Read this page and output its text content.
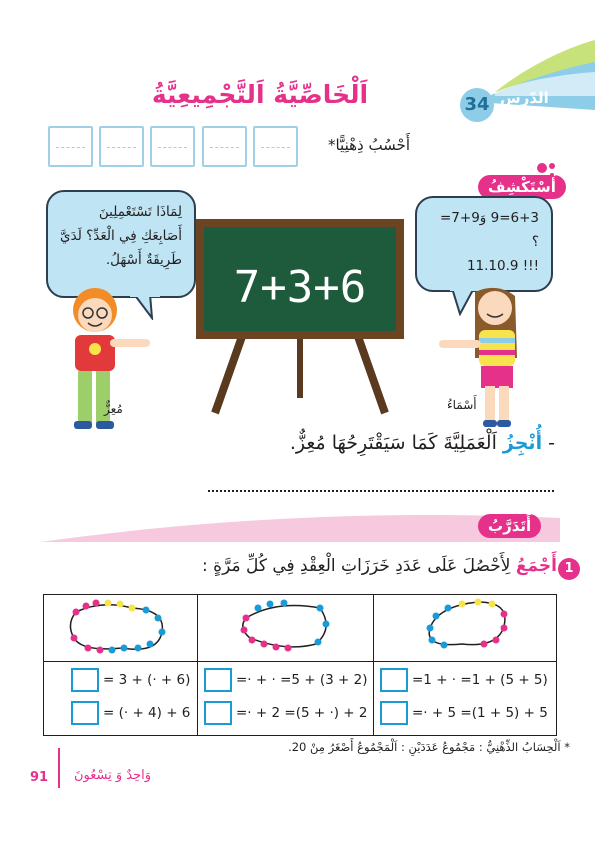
34 الدّرس
اَلْخَاصِّيَّةُ اَلتَّجْمِيعِيَّةُ
أَحْسُبُ ذِهْنِيًّا*
أَسْتَكْشِفُ
6+3=9 وَ9+7= ؟
!!! 11.10.9
لِمَاذَا تَسْتَعْمِلِينَ
أَصَابِعَكِ فِي الْعَدِّ؟ لَدَيَّ
طَرِيقَةٌ أَسْهَلُ.
7+3+6
مُعِزٌّ	أَسْمَاءُ
- أُنْجِزُ اَلْعَمَلِيَّةَ كَمَا سَيَقْتَرِحُهَا مُعِزٌّ.
أَتَدَرَّبُ
1
أَجْمَعُ لِأَحْصُلَ عَلَى عَدَدِ خَرَزَاتِ الْعِقْدِ فِي كُلِّ مَرَّةٍ :
= 3 + (· + 6)
= (· + 4) + 6
=· + · =5 + (3 + 2)
=· + 2 =(5 + ·) + 2
=1 + · =1 + (5 + 5)
=· + 5 =(1 + 5) + 5
* اَلْحِسَابُ الذِّهْنِيُّ : مَجْمُوعُ عَدَدَيْنِ : اَلْمَجْمُوعُ أَصْغَرُ مِنْ 20.
91 وَاحِدٌ وَ تِسْعُونَ
